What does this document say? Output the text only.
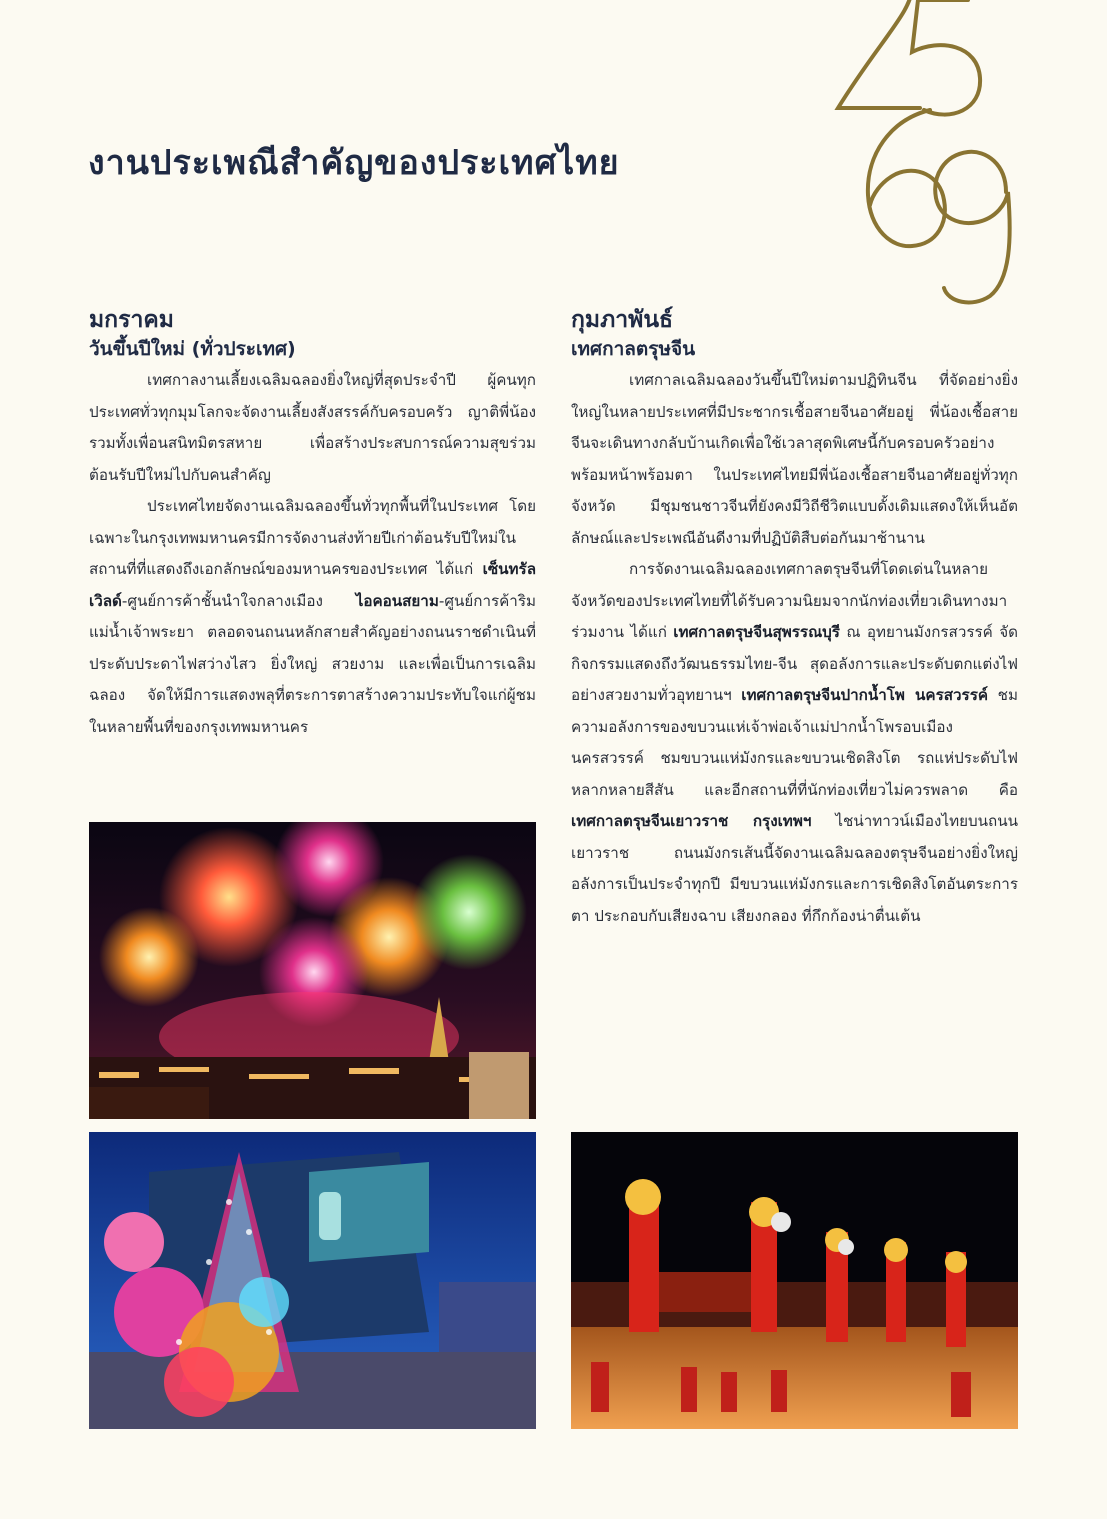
งานประเพณีสำคัญของประเทศไทย
มกราคม
วันขึ้นปีใหม่ (ทั่วประเทศ)

เทศกาลงานเลี้ยงเฉลิมฉลองยิ่งใหญ่ที่สุดประจำปี ผู้คนทุกประเทศทั่วทุกมุมโลกจะจัดงานเลี้ยงสังสรรค์กับครอบครัว ญาติพี่น้อง รวมทั้งเพื่อนสนิทมิตรสหาย เพื่อสร้างประสบการณ์ความสุขร่วมต้อนรับปีใหม่ไปกับคนสำคัญ

ประเทศไทยจัดงานเฉลิมฉลองขึ้นทั่วทุกพื้นที่ในประเทศ โดยเฉพาะในกรุงเทพมหานครมีการจัดงานส่งท้ายปีเก่าต้อนรับปีใหม่ในสถานที่ที่แสดงถึงเอกลักษณ์ของมหานครของประเทศ ได้แก่ เซ็นทรัลเวิลด์-ศูนย์การค้าชั้นนำใจกลางเมือง ไอคอนสยาม-ศูนย์การค้าริมแม่น้ำเจ้าพระยา ตลอดจนถนนหลักสายสำคัญอย่างถนนราชดำเนินที่ประดับประดาไฟสว่างไสว ยิ่งใหญ่ สวยงาม และเพื่อเป็นการเฉลิมฉลอง จัดให้มีการแสดงพลุที่ตระการตาสร้างความประทับใจแก่ผู้ชมในหลายพื้นที่ของกรุงเทพมหานคร

กุมภาพันธ์
เทศกาลตรุษจีน

เทศกาลเฉลิมฉลองวันขึ้นปีใหม่ตามปฏิทินจีน ที่จัดอย่างยิ่งใหญ่ในหลายประเทศที่มีประชากรเชื้อสายจีนอาศัยอยู่ พี่น้องเชื้อสายจีนจะเดินทางกลับบ้านเกิดเพื่อใช้เวลาสุดพิเศษนี้กับครอบครัวอย่างพร้อมหน้าพร้อมตา ในประเทศไทยมีพี่น้องเชื้อสายจีนอาศัยอยู่ทั่วทุกจังหวัด มีชุมชนชาวจีนที่ยังคงมีวิถีชีวิตแบบดั้งเดิมแสดงให้เห็นอัตลักษณ์และประเพณีอันดีงามที่ปฏิบัติสืบต่อกันมาช้านาน

การจัดงานเฉลิมฉลองเทศกาลตรุษจีนที่โดดเด่นในหลายจังหวัดของประเทศไทยที่ได้รับความนิยมจากนักท่องเที่ยวเดินทางมาร่วมงาน ได้แก่ เทศกาลตรุษจีนสุพรรณบุรี ณ อุทยานมังกรสวรรค์ จัดกิจกรรมแสดงถึงวัฒนธรรมไทย-จีน สุดอลังการและประดับตกแต่งไฟอย่างสวยงามทั่วอุทยานฯ เทศกาลตรุษจีนปากน้ำโพ นครสวรรค์ ชมความอลังการของขบวนแห่เจ้าพ่อเจ้าแม่ปากน้ำโพรอบเมืองนครสวรรค์ ชมขบวนแห่มังกรและขบวนเชิดสิงโต รถแห่ประดับไฟหลากหลายสีสัน และอีกสถานที่ที่นักท่องเที่ยวไม่ควรพลาด คือ เทศกาลตรุษจีนเยาวราช กรุงเทพฯ ไชน่าทาวน์เมืองไทยบนถนนเยาวราช ถนนมังกรเส้นนี้จัดงานเฉลิมฉลองตรุษจีนอย่างยิ่งใหญ่อลังการเป็นประจำทุกปี มีขบวนแห่มังกรและการเชิดสิงโตอันตระการตา ประกอบกับเสียงฉาบ เสียงกลอง ที่กึกก้องน่าตื่นเต้น
